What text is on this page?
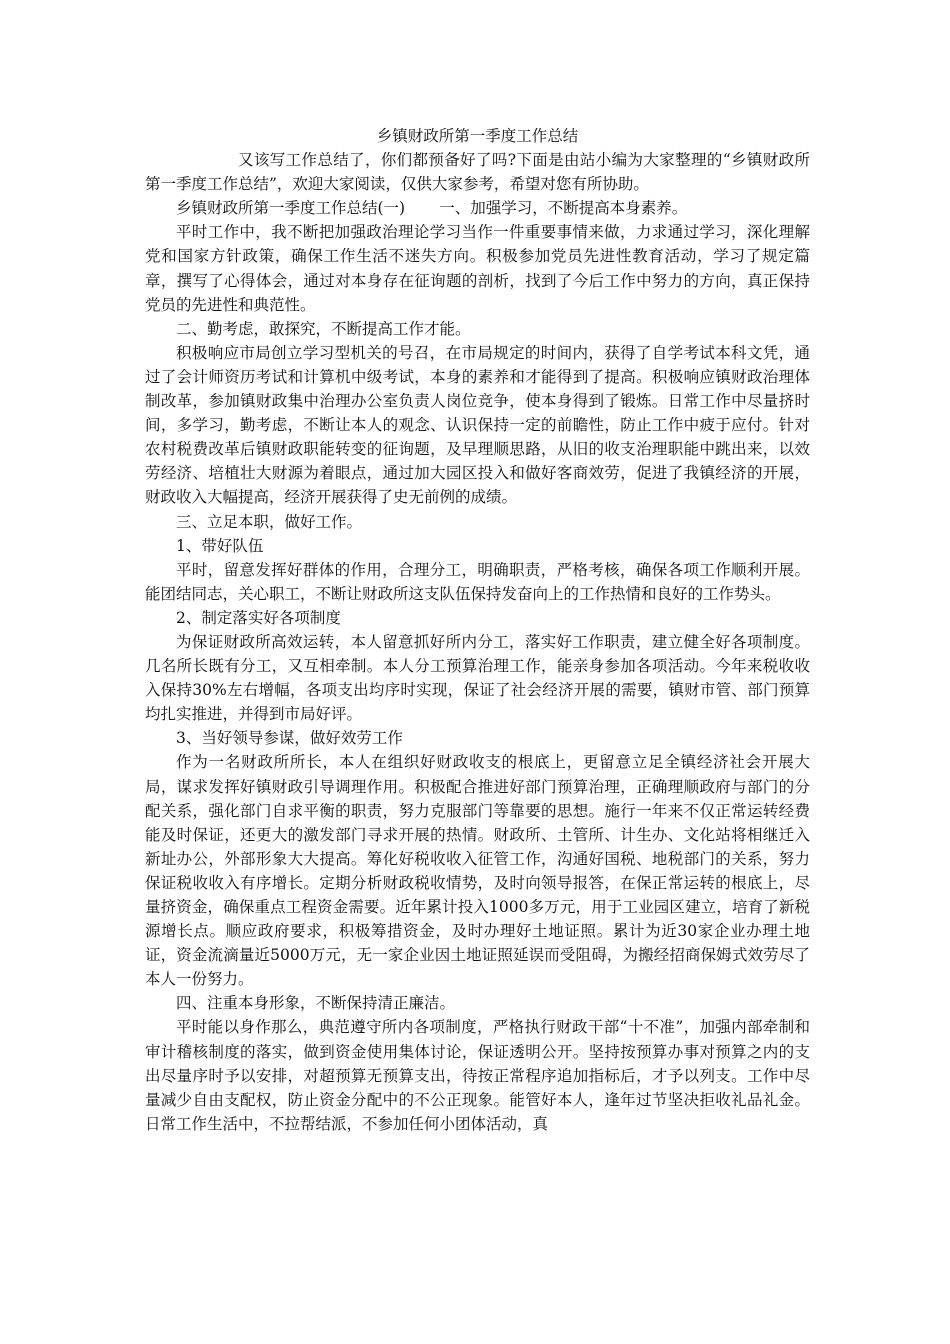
乡镇财政所第一季度工作总结

又该写工作总结了，你们都预备好了吗?下面是由站小编为大家整理的“乡镇财政所第一季度工作总结”，欢迎大家阅读，仅供大家参考，希望对您有所协助。

乡镇财政所第一季度工作总结(一) 一、加强学习，不断提高本身素养。

平时工作中，我不断把加强政治理论学习当作一件重要事情来做，力求通过学习，深化理解党和国家方针政策，确保工作生活不迷失方向。积极参加党员先进性教育活动，学习了规定篇章，撰写了心得体会，通过对本身存在征询题的剖析，找到了今后工作中努力的方向，真正保持党员的先进性和典范性。

二、勤考虑，敢探究，不断提高工作才能。

积极响应市局创立学习型机关的号召，在市局规定的时间内，获得了自学考试本科文凭，通过了会计师资历考试和计算机中级考试，本身的素养和才能得到了提高。积极响应镇财政治理体制改革，参加镇财政集中治理办公室负责人岗位竞争，使本身得到了锻炼。日常工作中尽量挤时间，多学习，勤考虑，不断让本人的观念、认识保持一定的前瞻性，防止工作中疲于应付。针对农村税费改革后镇财政职能转变的征询题，及早理顺思路，从旧的收支治理职能中跳出来，以效劳经济、培植壮大财源为着眼点，通过加大园区投入和做好客商效劳，促进了我镇经济的开展，财政收入大幅提高，经济开展获得了史无前例的成绩。

三、立足本职，做好工作。

1、带好队伍

平时，留意发挥好群体的作用，合理分工，明确职责，严格考核，确保各项工作顺利开展。能团结同志，关心职工，不断让财政所这支队伍保持发奋向上的工作热情和良好的工作势头。

2、制定落实好各项制度

为保证财政所高效运转，本人留意抓好所内分工，落实好工作职责，建立健全好各项制度。几名所长既有分工，又互相牵制。本人分工预算治理工作，能亲身参加各项活动。今年来税收收入保持30%左右增幅，各项支出均序时实现，保证了社会经济开展的需要，镇财市管、部门预算均扎实推进，并得到市局好评。

3、当好领导参谋，做好效劳工作

作为一名财政所所长，本人在组织好财政收支的根底上，更留意立足全镇经济社会开展大局，谋求发挥好镇财政引导调理作用。积极配合推进好部门预算治理，正确理顺政府与部门的分配关系，强化部门自求平衡的职责，努力克服部门等靠要的思想。施行一年来不仅正常运转经费能及时保证，还更大的激发部门寻求开展的热情。财政所、土管所、计生办、文化站将相继迁入新址办公，外部形象大大提高。筹化好税收收入征管工作，沟通好国税、地税部门的关系，努力保证税收收入有序增长。定期分析财政税收情势，及时向领导报答，在保正常运转的根底上，尽量挤资金，确保重点工程资金需要。近年累计投入1000多万元，用于工业园区建立，培育了新税源增长点。顺应政府要求，积极筹措资金，及时办理好土地证照。累计为近30家企业办理土地证，资金流滴量近5000万元，无一家企业因土地证照延误而受阻碍，为搬经招商保姆式效劳尽了本人一份努力。

四、注重本身形象，不断保持清正廉洁。

平时能以身作那么，典范遵守所内各项制度，严格执行财政干部“十不准”，加强内部牵制和审计稽核制度的落实，做到资金使用集体讨论，保证透明公开。坚持按预算办事对预算之内的支出尽量序时予以安排，对超预算无预算支出，待按正常程序追加指标后，才予以列支。工作中尽量减少自由支配权，防止资金分配中的不公正现象。能管好本人，逢年过节坚决拒收礼品礼金。日常工作生活中，不拉帮结派，不参加任何小团体活动，真
